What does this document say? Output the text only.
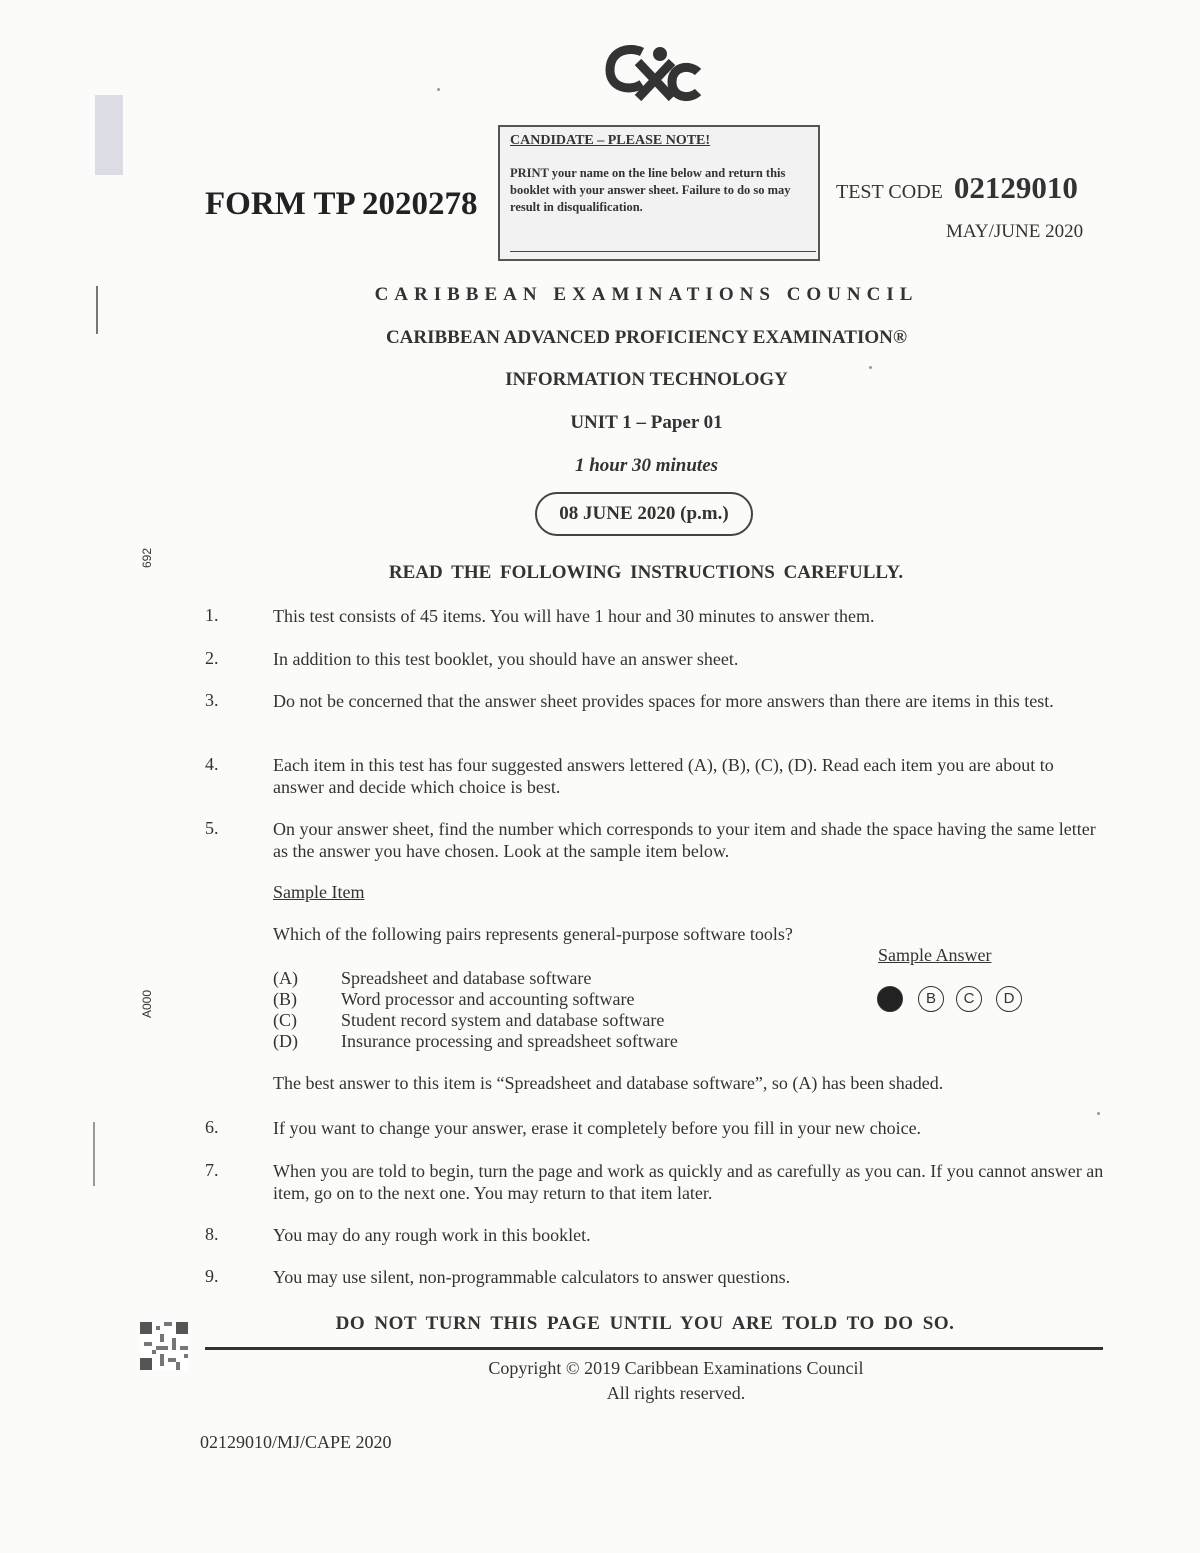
FORM TP 2020278
CANDIDATE – PLEASE NOTE!
PRINT your name on the line below and return this booklet with your answer sheet. Failure to do so may result in disqualification.
TEST CODE 02129010
MAY/JUNE 2020
CARIBBEAN EXAMINATIONS COUNCIL
CARIBBEAN ADVANCED PROFICIENCY EXAMINATION®
INFORMATION TECHNOLOGY
UNIT 1 – Paper 01
1 hour 30 minutes
08 JUNE 2020 (p.m.)
692
A000
READ THE FOLLOWING INSTRUCTIONS CAREFULLY.
1.	This test consists of 45 items. You will have 1 hour and 30 minutes to answer them.
2.	In addition to this test booklet, you should have an answer sheet.
3.	Do not be concerned that the answer sheet provides spaces for more answers than there are items in this test.
4.	Each item in this test has four suggested answers lettered (A), (B), (C), (D). Read each item you are about to answer and decide which choice is best.
5.	On your answer sheet, find the number which corresponds to your item and shade the space having the same letter as the answer you have chosen. Look at the sample item below.
Sample Item
Which of the following pairs represents general-purpose software tools?
Sample Answer
(A) Spreadsheet and database software
(B) Word processor and accounting software
(C) Student record system and database software
(D) Insurance processing and spreadsheet software
B	C	D
The best answer to this item is “Spreadsheet and database software”, so (A) has been shaded.
6.	If you want to change your answer, erase it completely before you fill in your new choice.
7.	When you are told to begin, turn the page and work as quickly and as carefully as you can. If you cannot answer an item, go on to the next one. You may return to that item later.
8.	You may do any rough work in this booklet.
9.	You may use silent, non-programmable calculators to answer questions.
DO NOT TURN THIS PAGE UNTIL YOU ARE TOLD TO DO SO.
Copyright © 2019 Caribbean Examinations Council
All rights reserved.
02129010/MJ/CAPE 2020
